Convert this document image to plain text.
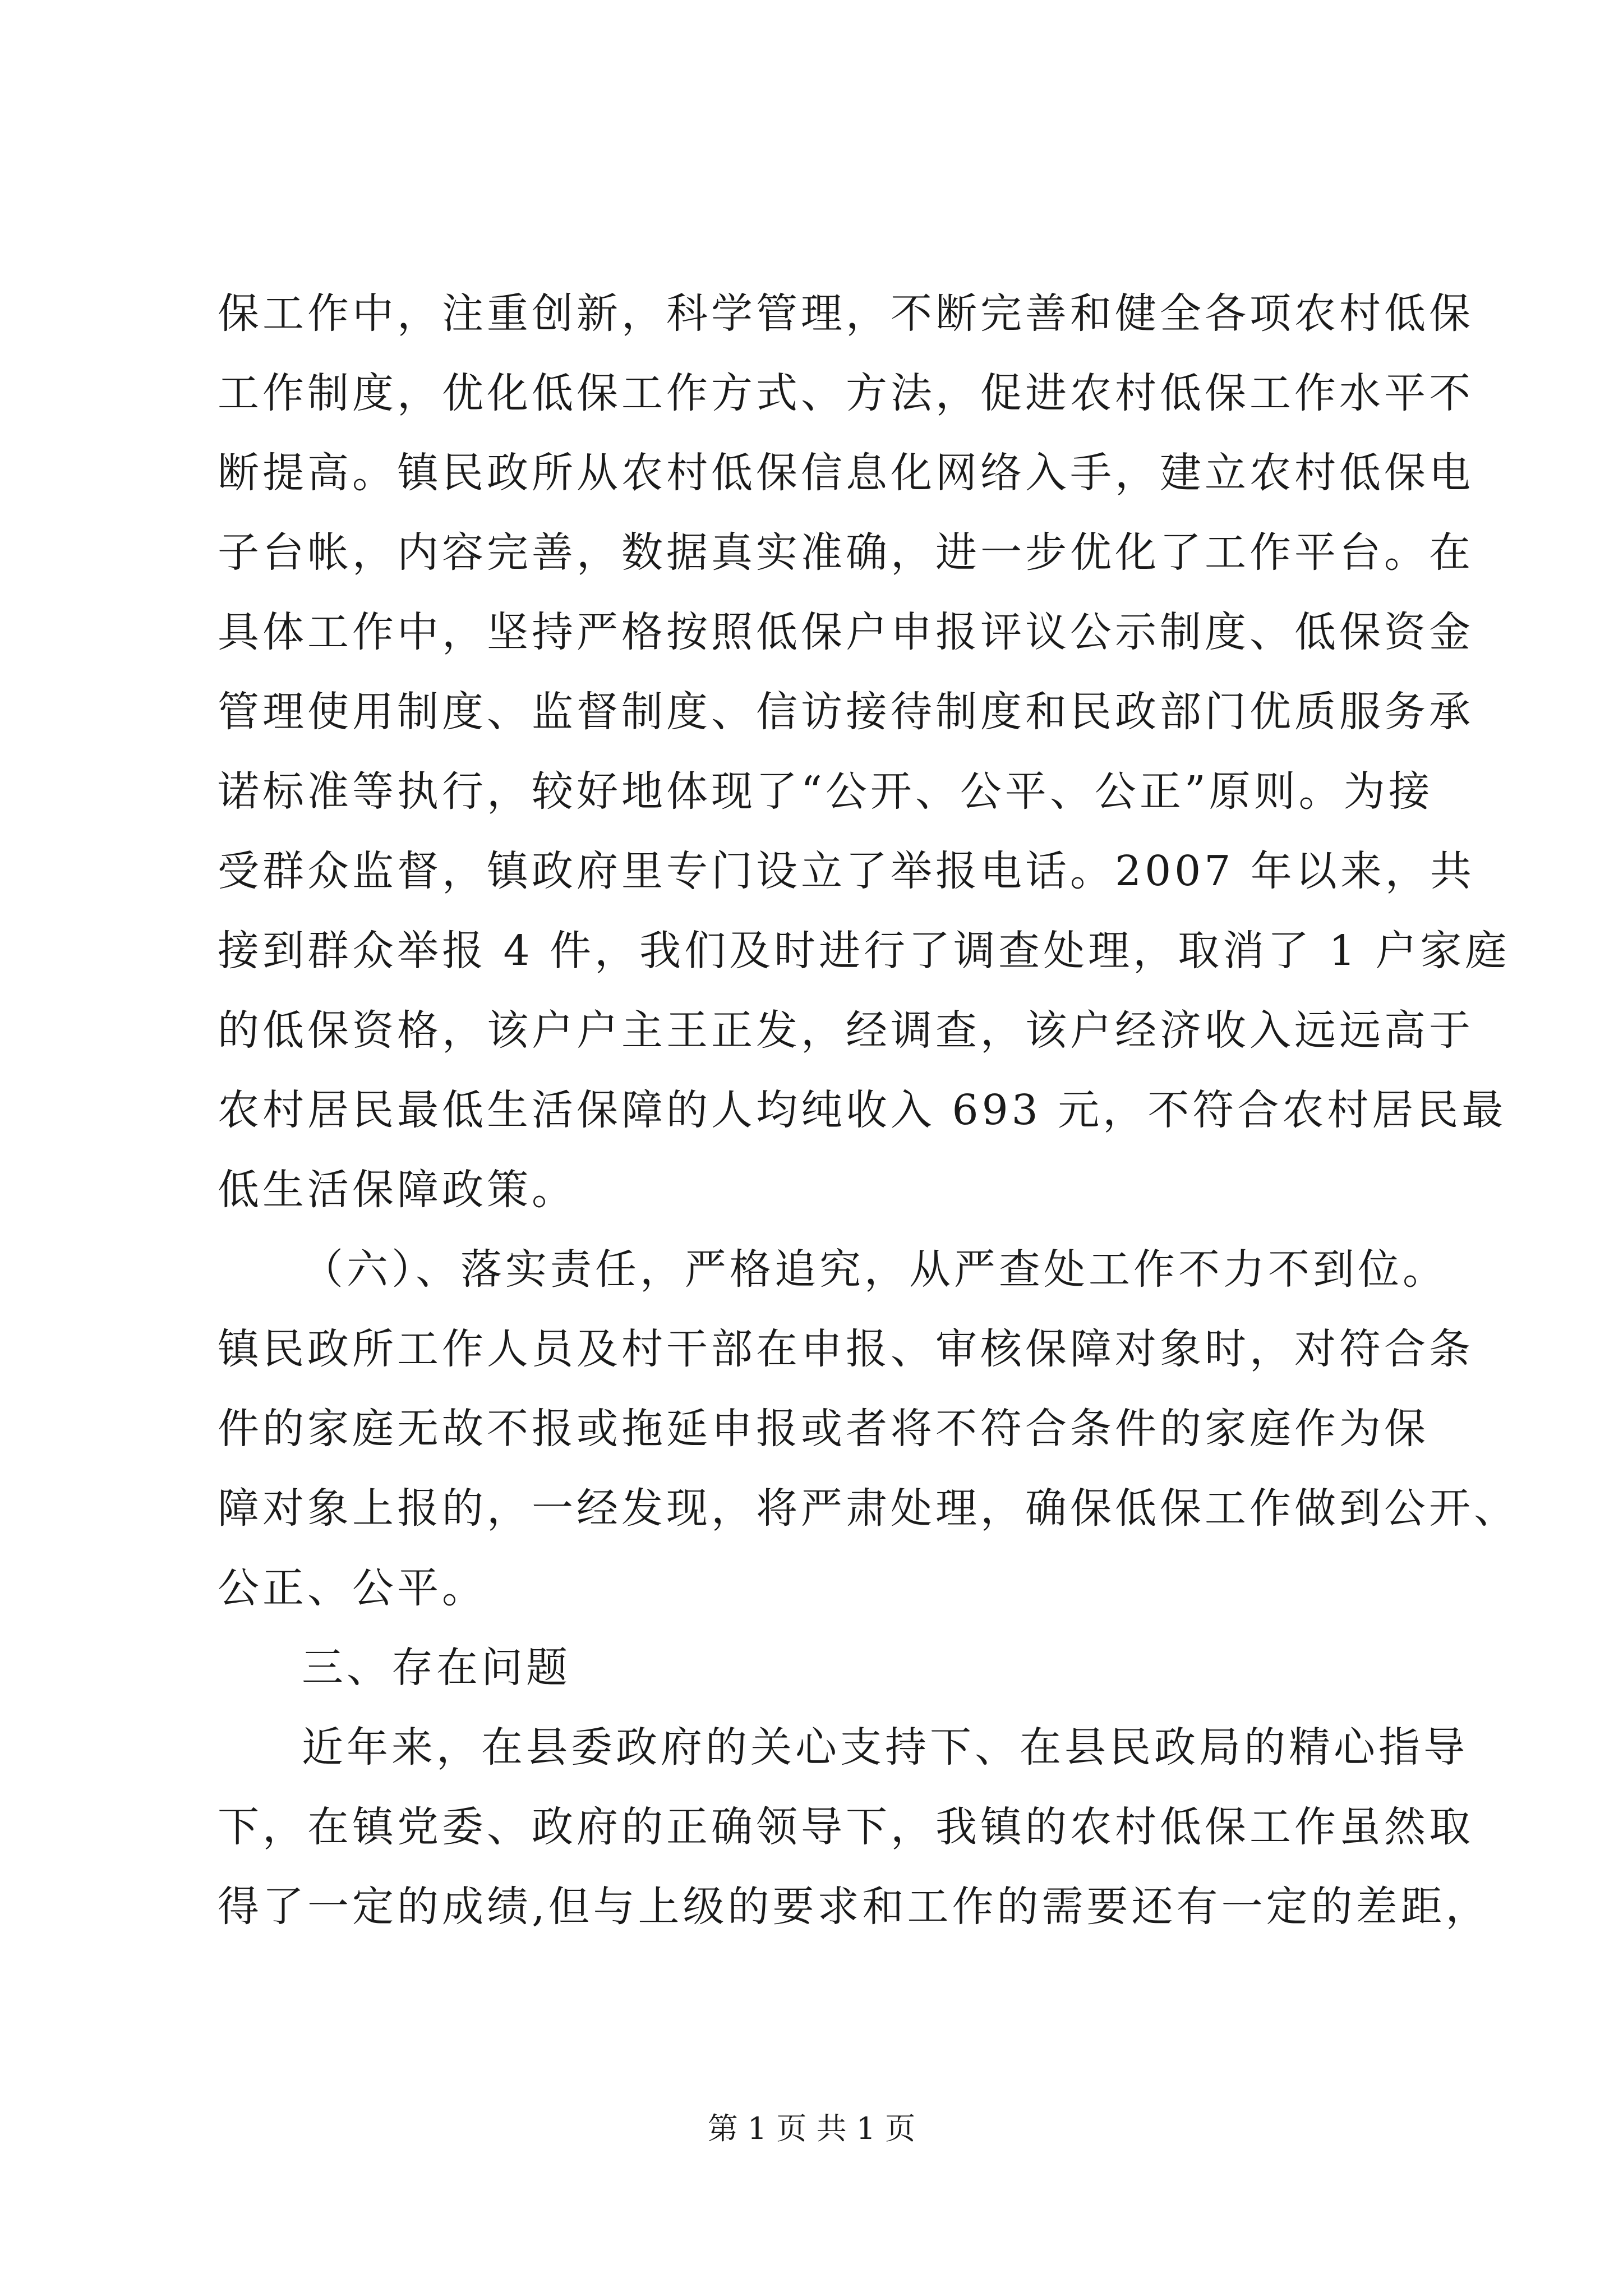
保工作中，注重创新，科学管理，不断完善和健全各项农村低保
工作制度，优化低保工作方式、方法，促进农村低保工作水平不
断提高。镇民政所从农村低保信息化网络入手，建立农村低保电
子台帐，内容完善，数据真实准确，进一步优化了工作平台。在
具体工作中，坚持严格按照低保户申报评议公示制度、低保资金
管理使用制度、监督制度、信访接待制度和民政部门优质服务承
诺标准等执行，较好地体现了“公开、公平、公正”原则。为接
受群众监督，镇政府里专门设立了举报电话。2007 年以来，共
接到群众举报 4 件，我们及时进行了调查处理，取消了 1 户家庭
的低保资格，该户户主王正发，经调查，该户经济收入远远高于
农村居民最低生活保障的人均纯收入 693 元，不符合农村居民最
低生活保障政策。
（六）、落实责任，严格追究，从严查处工作不力不到位。
镇民政所工作人员及村干部在申报、审核保障对象时，对符合条
件的家庭无故不报或拖延申报或者将不符合条件的家庭作为保
障对象上报的，一经发现，将严肃处理，确保低保工作做到公开、
公正、公平。
三、存在问题
近年来，在县委政府的关心支持下、在县民政局的精心指导
下，在镇党委、政府的正确领导下，我镇的农村低保工作虽然取
得了一定的成绩,但与上级的要求和工作的需要还有一定的差距，
第 1 页 共 1 页
